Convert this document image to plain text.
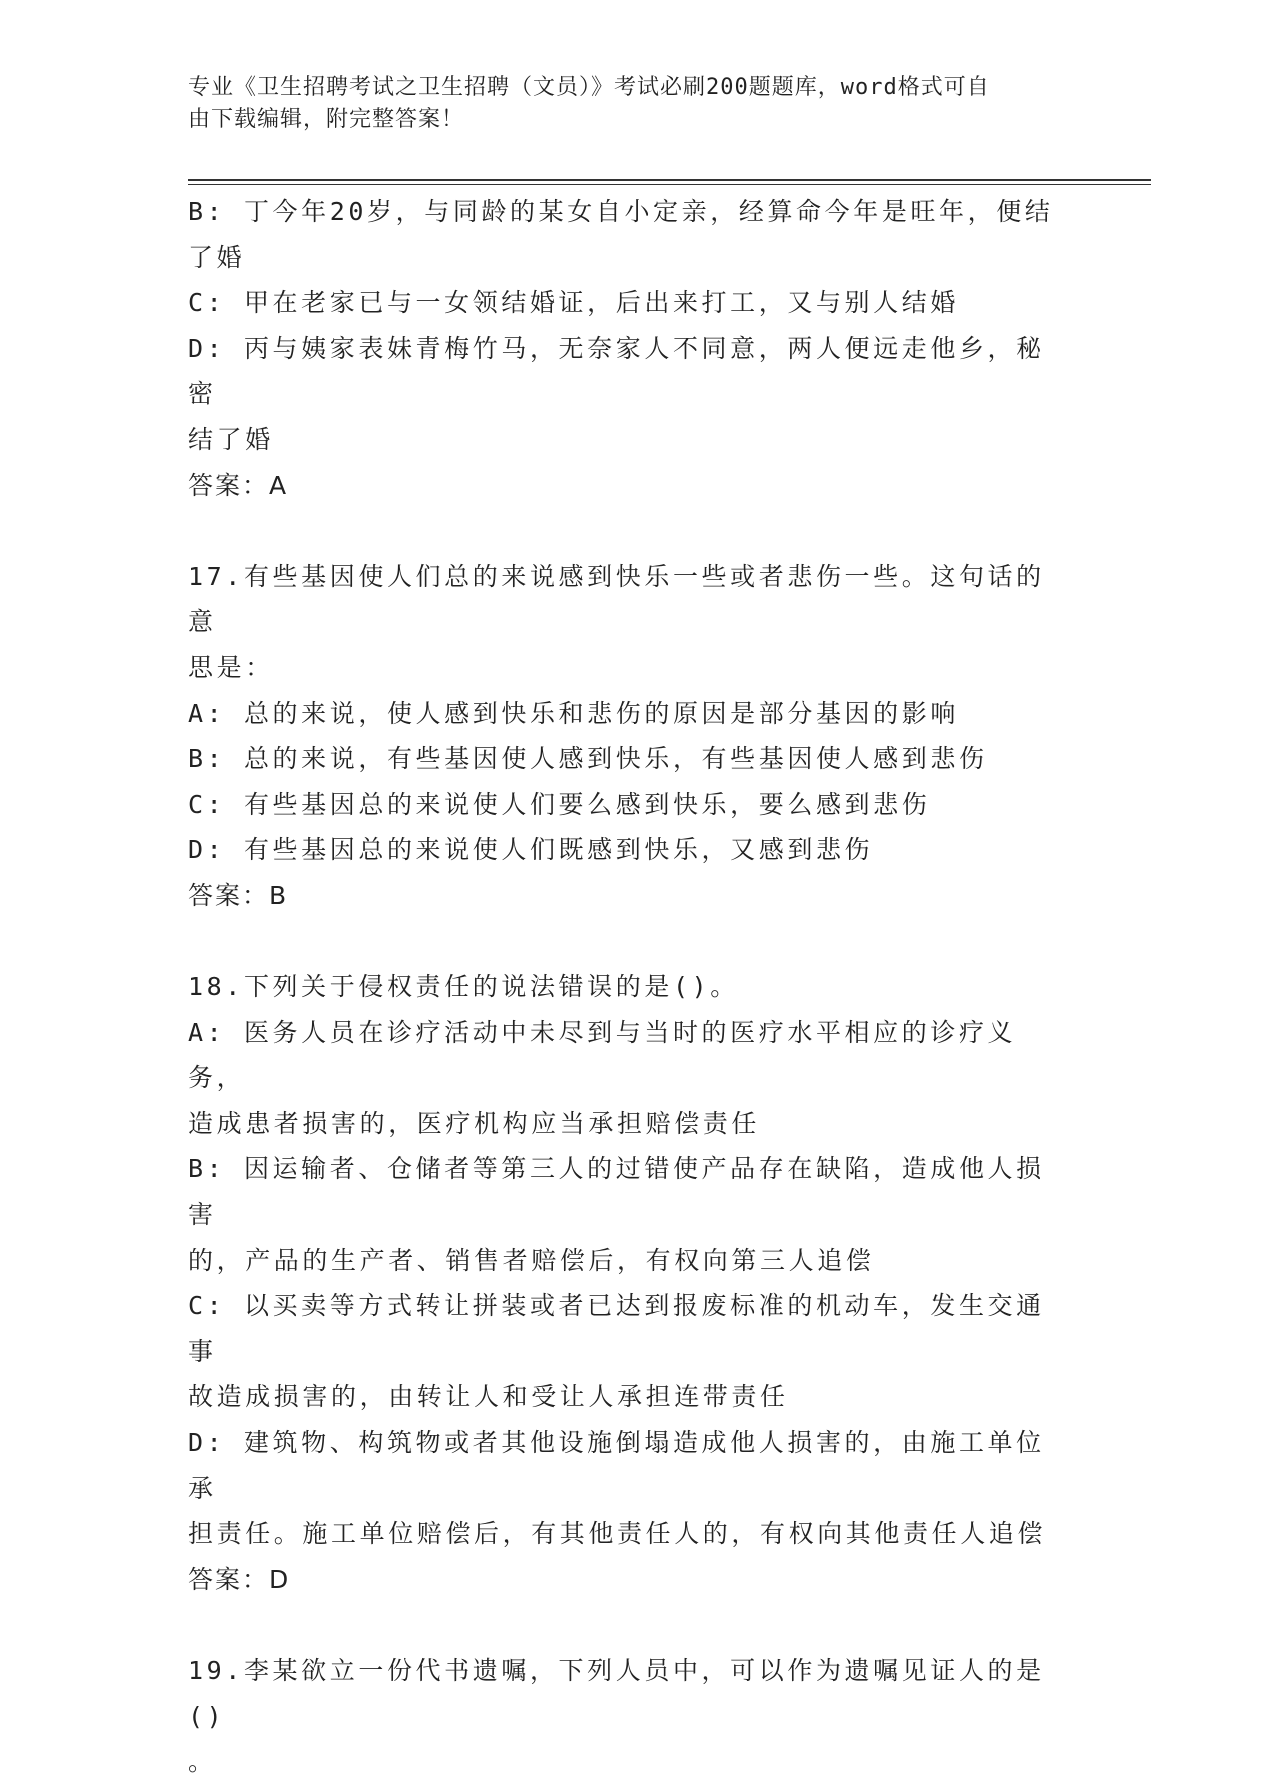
专业《卫生招聘考试之卫生招聘（文员）》考试必刷200题题库，word格式可自
由下载编辑，附完整答案！
B: 丁今年20岁，与同龄的某女自小定亲，经算命今年是旺年，便结
了婚
C: 甲在老家已与一女领结婚证，后出来打工，又与别人结婚
D: 丙与姨家表妹青梅竹马，无奈家人不同意，两人便远走他乡，秘密
结了婚
答案：A
17.有些基因使人们总的来说感到快乐一些或者悲伤一些。这句话的意
思是：
A: 总的来说，使人感到快乐和悲伤的原因是部分基因的影响
B: 总的来说，有些基因使人感到快乐，有些基因使人感到悲伤
C: 有些基因总的来说使人们要么感到快乐，要么感到悲伤
D: 有些基因总的来说使人们既感到快乐，又感到悲伤
答案：B
18.下列关于侵权责任的说法错误的是()。
A: 医务人员在诊疗活动中未尽到与当时的医疗水平相应的诊疗义务，
造成患者损害的，医疗机构应当承担赔偿责任
B: 因运输者、仓储者等第三人的过错使产品存在缺陷，造成他人损害
的，产品的生产者、销售者赔偿后，有权向第三人追偿
C: 以买卖等方式转让拼装或者已达到报废标准的机动车，发生交通事
故造成损害的，由转让人和受让人承担连带责任
D: 建筑物、构筑物或者其他设施倒塌造成他人损害的，由施工单位承
担责任。施工单位赔偿后，有其他责任人的，有权向其他责任人追偿
答案：D
19.李某欲立一份代书遗嘱，下列人员中，可以作为遗嘱见证人的是()
。
